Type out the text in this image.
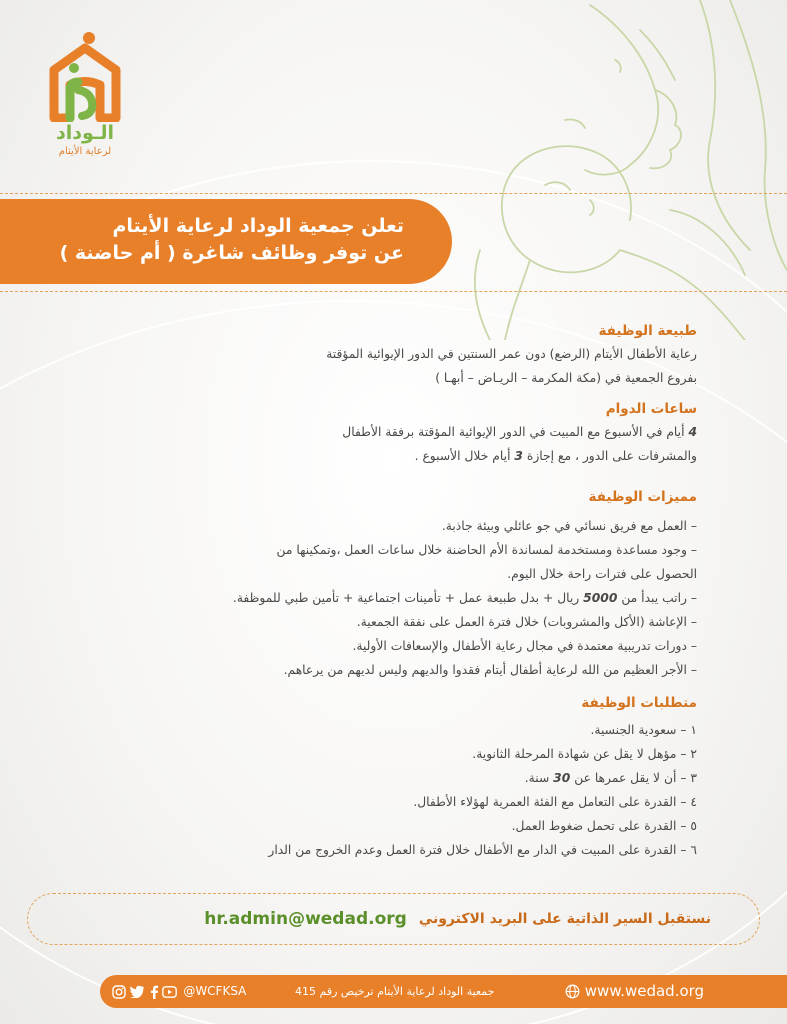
الـوداد
لرعاية الأيتام
تعلن جمعية الوداد لرعاية الأيتام
عن توفر وظائف شاغرة ( أم حاضنة )
طبيعة الوظيفة
رعاية الأطفال الأيتام (الرضع) دون عمر السنتين في الدور الإيوائية المؤقتة
بفروع الجمعية في (مكة المكرمة – الريـاض – أبهـا )
ساعات الدوام
4 أيام في الأسبوع مع المبيت في الدور الإيوائية المؤقتة برفقة الأطفال
والمشرفات على الدور ، مع إجازة 3 أيام خلال الأسبوع .
مميزات الوظيفة
– العمل مع فريق نسائي في جو عائلي وبيئة جاذبة.
– وجود مساعدة ومستخدمة لمساندة الأم الحاضنة خلال ساعات العمل ،وتمكينها من
الحصول على فترات راحة خلال اليوم.
– راتب يبدأ من 5000 ريال + بدل طبيعة عمل + تأمينات اجتماعية + تأمين طبي للموظفة.
– الإعاشة (الأكل والمشروبات) خلال فترة العمل على نفقة الجمعية.
– دورات تدريبية معتمدة في مجال رعاية الأطفال والإسعافات الأولية.
– الأجر العظيم من الله لرعاية أطفال أيتام فقدوا والديهم وليس لديهم من يرعاهم.
متطلبات الوظيفة
١ – سعودية الجنسية.
٢ – مؤهل لا يقل عن شهادة المرحلة الثانوية.
٣ – أن لا يقل عمرها عن 30 سنة.
٤ – القدرة على التعامل مع الفئة العمرية لهؤلاء الأطفال.
٥ – القدرة على تحمل ضغوط العمل.
٦ – القدرة على المبيت في الدار مع الأطفال خلال فترة العمل وعدم الخروج من الدار
نستقبل السير الذاتية على البريد الاكتروني
hr.admin@wedad.org
@WCFKSA	جمعية الوداد لرعاية الأيتام ترخيص رقم 415	www.wedad.org
